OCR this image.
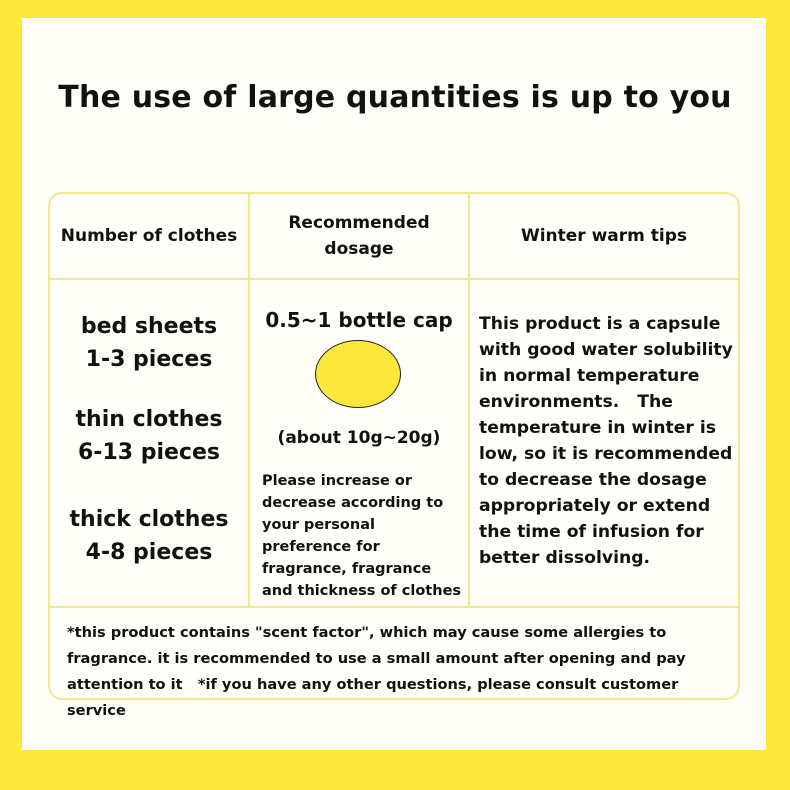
The use of large quantities is up to you
Number of clothes
Recommended
dosage
Winter warm tips
bed sheets
1-3 pieces
thin clothes
6-13 pieces
thick clothes
4-8 pieces
0.5~1 bottle cap
(about 10g~20g)
Please increase or decrease according to your personal preference for fragrance, fragrance and thickness of clothes
This product is a capsule with good water solubility in normal temperature environments.   The temperature in winter is low, so it is recommended to decrease the dosage appropriately or extend the time of infusion for better dissolving.
*this product contains "scent factor", which may cause some allergies to fragrance. it is recommended to use a small amount after opening and pay attention to it   *if you have any other questions, please consult customer service
